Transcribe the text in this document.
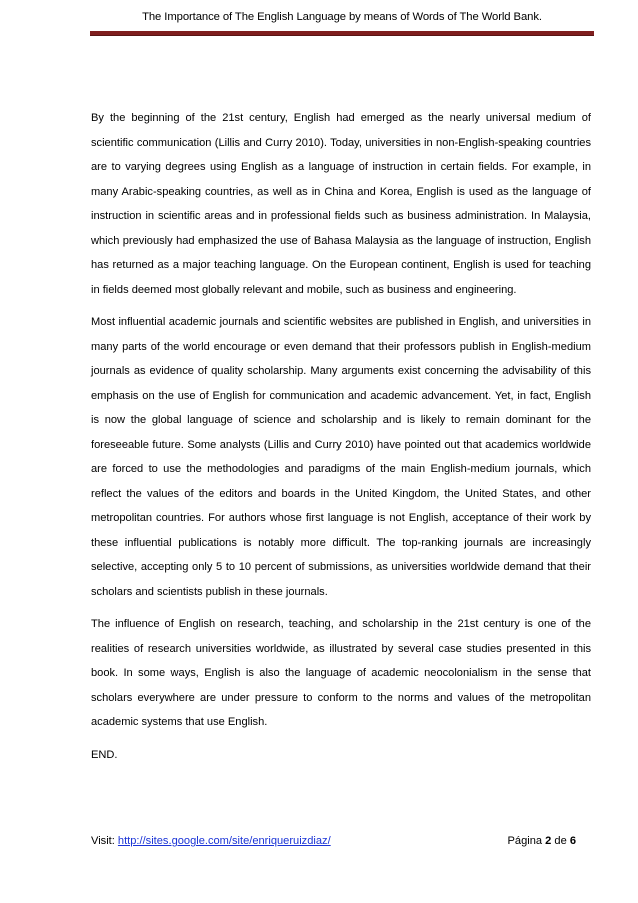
The Importance of The English Language by means of Words of The World Bank.

By the beginning of the 21st century, English had emerged as the nearly universal medium of scientific communication (Lillis and Curry 2010). Today, universities in non-English-speaking countries are to varying degrees using English as a language of instruction in certain fields. For example, in many Arabic-speaking countries, as well as in China and Korea, English is used as the language of instruction in scientific areas and in professional fields such as business administration. In Malaysia, which previously had emphasized the use of Bahasa Malaysia as the language of instruction, English has returned as a major teaching language. On the European continent, English is used for teaching in fields deemed most globally relevant and mobile, such as business and engineering.

Most influential academic journals and scientific websites are published in English, and universities in many parts of the world encourage or even demand that their professors publish in English-medium journals as evidence of quality scholarship. Many arguments exist concerning the advisability of this emphasis on the use of English for communication and academic advancement. Yet, in fact, English is now the global language of science and scholarship and is likely to remain dominant for the foreseeable future. Some analysts (Lillis and Curry 2010) have pointed out that academics worldwide are forced to use the methodologies and paradigms of the main English-medium journals, which reflect the values of the editors and boards in the United Kingdom, the United States, and other metropolitan countries. For authors whose first language is not English, acceptance of their work by these influential publications is notably more difficult. The top-ranking journals are increasingly selective, accepting only 5 to 10 percent of submissions, as universities worldwide demand that their scholars and scientists publish in these journals.

The influence of English on research, teaching, and scholarship in the 21st century is one of the realities of research universities worldwide, as illustrated by several case studies presented in this book. In some ways, English is also the language of academic neocolonialism in the sense that scholars everywhere are under pressure to conform to the norms and values of the metropolitan academic systems that use English.

END.

Visit: http://sites.google.com/site/enriqueruizdiaz/	Página 2 de 6
